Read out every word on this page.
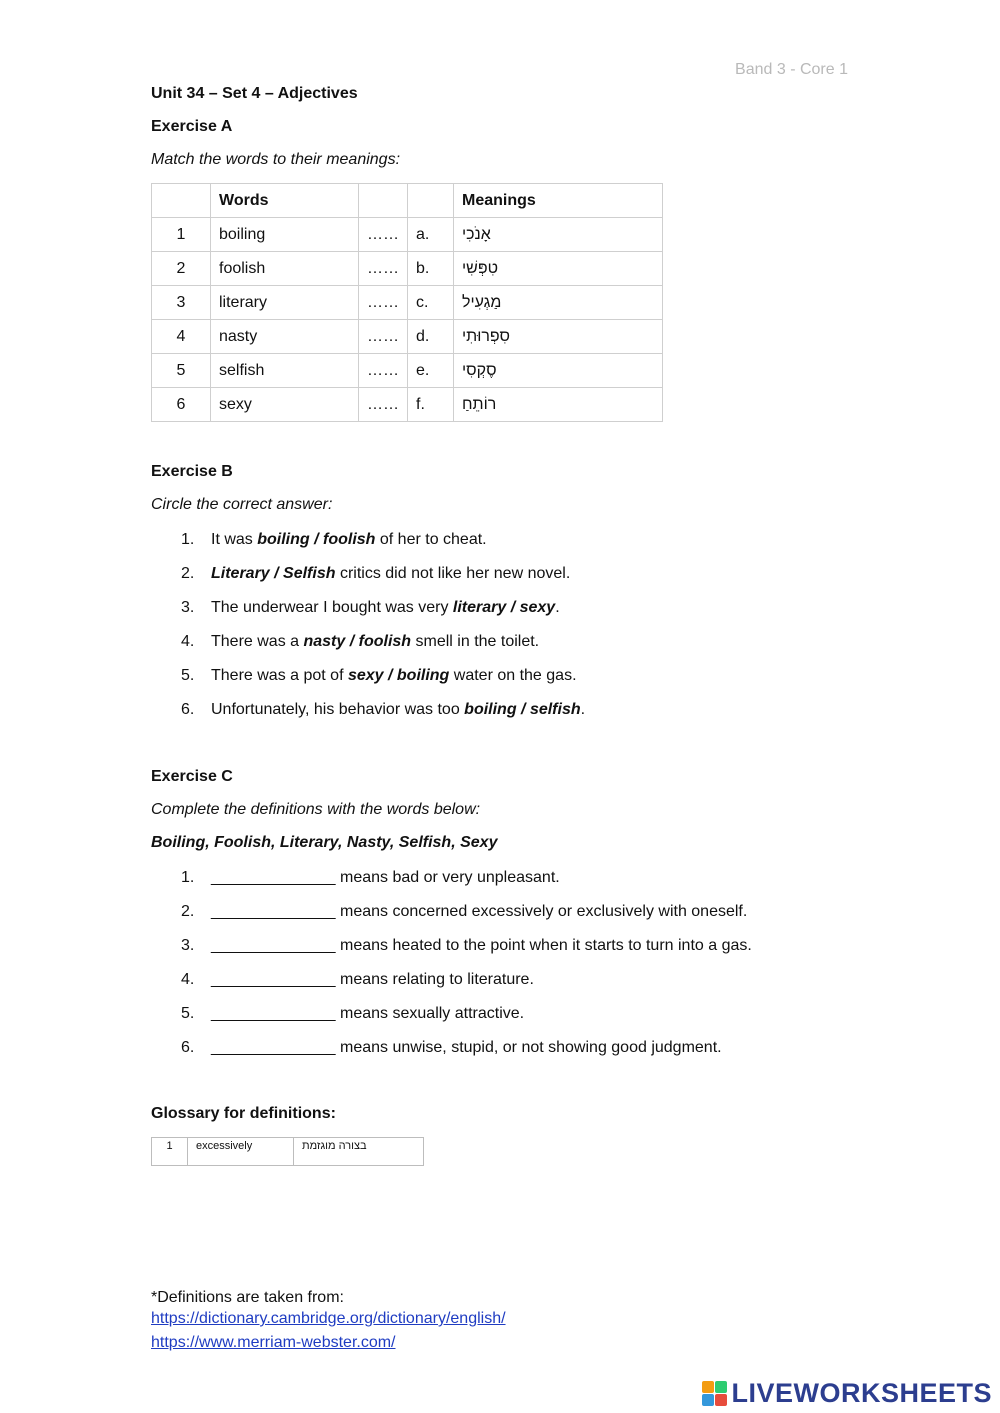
Band 3 - Core 1
Unit 34 – Set 4 – Adjectives
Exercise A
Match the words to their meanings:
	Words			Meanings
1	boiling	……	a.	אָנֹכִי
2	foolish	……	b.	טִפְּשִׁי
3	literary	……	c.	מַגְעִיל
4	nasty	……	d.	סִפְרוּתִי
5	selfish	……	e.	סֶקְסִי
6	sexy	……	f.	רוֹתֵחַ
Exercise B
Circle the correct answer:
1. It was boiling / foolish of her to cheat.
2. Literary / Selfish critics did not like her new novel.
3. The underwear I bought was very literary / sexy.
4. There was a nasty / foolish smell in the toilet.
5. There was a pot of sexy / boiling water on the gas.
6. Unfortunately, his behavior was too boiling / selfish.
Exercise C
Complete the definitions with the words below:
Boiling, Foolish, Literary, Nasty, Selfish, Sexy
1. ______________ means bad or very unpleasant.
2. ______________ means concerned excessively or exclusively with oneself.
3. ______________ means heated to the point when it starts to turn into a gas.
4. ______________ means relating to literature.
5. ______________ means sexually attractive.
6. ______________ means unwise, stupid, or not showing good judgment.
Glossary for definitions:
1	excessively	בצורה מוגזמת
*Definitions are taken from:
https://dictionary.cambridge.org/dictionary/english/
https://www.merriam-webster.com/
LIVEWORKSHEETS
